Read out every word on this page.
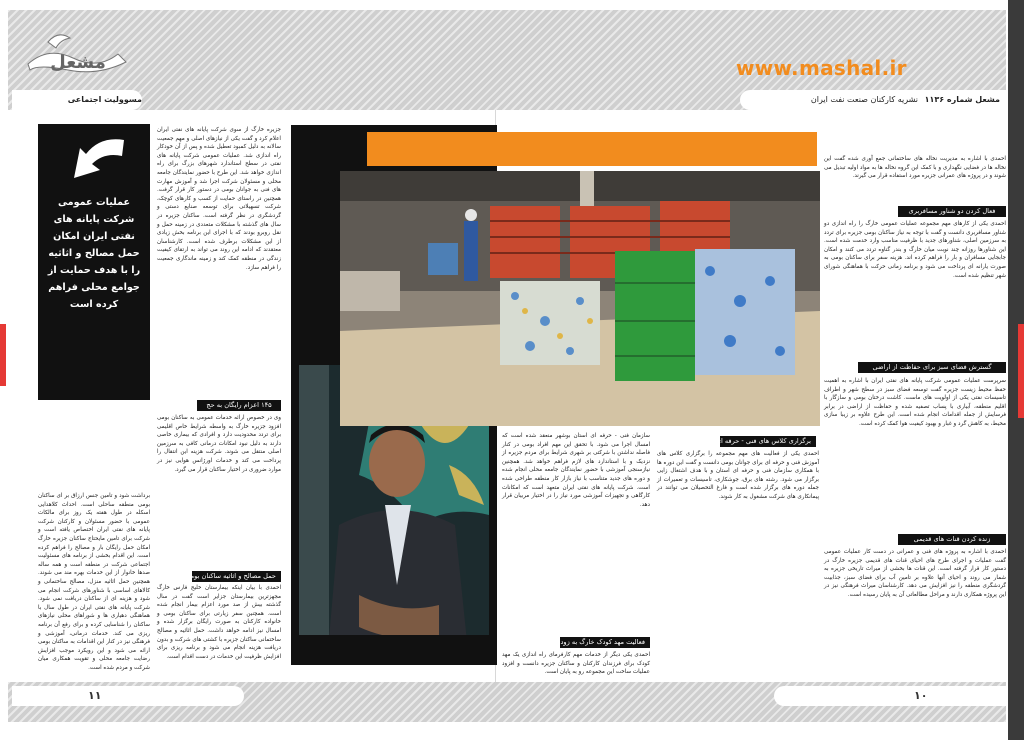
مشعل	www.mashal.ir
مسوولیت اجتماعی	مشعل شماره ۱۱۳۶
نشریه کارکنان صنعت نفت ایران
عملیات عمومی شرکت پایانه های نفتی ایران امکان حمل مصالح و اثاثیه را با هدف حمایت از جوامع محلی فراهم کرده است
برداشت شود و تامین جنس ارزاق بر ای ساکنان بومی منطقه ساحلی است. احداث کلاهدایی اسکله در طول هفته یک روز برای مالکات عمومی با حضور مسئولان و کارکنان شرکت پایانه های نفتی ایران اختصاص یافته است و شرکت برای تامین مایحتاج ساکنان جزیره خارگ امکان حمل رایگان بار و مصالح را فراهم کرده است. این اقدام بخشی از برنامه های مسئولیت اجتماعی شرکت در منطقه است و همه ساله صدها خانوار از این خدمات بهره مند می شوند. همچنین حمل اثاثیه منزل، مصالح ساختمانی و کالاهای اساسی با شناورهای شرکت انجام می شود و هزینه ای از ساکنان دریافت نمی شود. شرکت پایانه های نفتی ایران در طول سال با هماهنگی دهیاری ها و شوراهای محلی نیازهای ساکنان را شناسایی کرده و برای رفع آن برنامه ریزی می کند. خدمات درمانی، آموزشی و فرهنگی نیز در کنار این اقدامات به ساکنان بومی ارائه می شود و این رویکرد موجب افزایش رضایت جامعه محلی و تقویت همکاری میان شرکت و مردم شده است.
جزیره خارگ از سوی شرکت پایانه های نفتی ایران اعلام کرد و گفت یکی از نیازهای اصلی و مهم جمعیت سالانه به دلیل کمبود تعطیل شده و پس از آن خودکار راه اندازی شد. عملیات عمومی شرکت پایانه های نفتی در سطح استاندارد شهرهای بزرگ برای راه اندازی خواهد شد. این طرح با حضور نمایندگان جامعه محلی و مسئولان شرکت اجرا شد و آموزش مهارت های فنی به جوانان بومی در دستور کار قرار گرفت. همچنین در راستای حمایت از کسب و کارهای کوچک، شرکت تسهیلاتی برای توسعه صنایع دستی و گردشگری در نظر گرفته است. ساکنان جزیره در سال های گذشته با مشکلات متعددی در زمینه حمل و نقل روبرو بودند که با اجرای این برنامه بخش زیادی از این مشکلات برطرف شده است. کارشناسان معتقدند که ادامه این روند می تواند به ارتقای کیفیت زندگی در منطقه کمک کند و زمینه ماندگاری جمعیت را فراهم سازد.
۱۴۵ اعزام رایگان به حج
وی در خصوص ارائه خدمات عمومی به ساکنان بومی افزود جزیره خارگ به واسطه شرایط خاص اقلیمی برای تردد محدودیت دارد و افرادی که بیماری خاصی دارند به دلیل نبود امکانات درمانی کافی به سرزمین اصلی منتقل می شوند. شرکت هزینه این انتقال را پرداخت می کند و خدمات اورژانس هوایی نیز در موارد ضروری در اختیار ساکنان قرار می گیرد.
حمل مصالح و اثاثیه ساکنان بومی
احمدی با بیان اینکه بیمارستان خلیج فارس خارگ مجهزترین بیمارستان جزایر است گفت در سال گذشته بیش از صد مورد اعزام بیمار انجام شده است. همچنین سفر زیارتی برای ساکنان بومی و خانواده کارکنان به صورت رایگان برگزار شده و امسال نیز ادامه خواهد داشت. حمل اثاثیه و مصالح ساختمانی ساکنان جزیره با کشتی های شرکت و بدون دریافت هزینه انجام می شود و برنامه ریزی برای افزایش ظرفیت این خدمات در دست اقدام است.
برگزاری کلاس های فنی - حرفه ای
احمدی یکی از فعالیت های مهم مجموعه را برگزاری کلاس های آموزش فنی و حرفه ای برای جوانان بومی دانست و گفت این دوره ها با همکاری سازمان فنی و حرفه ای استان و با هدف اشتغال زایی برگزار می شود. رشته های برق، جوشکاری، تاسیسات و تعمیرات از جمله دوره های برگزار شده است و فارغ التحصیلان می توانند در پیمانکاری های شرکت مشغول به کار شوند.
سازمان فنی - حرفه ای استان بوشهر منعقد شده است که امسال اجرا می شود. با تحقق این مهم افراد بومی در کنار فاصله نداشتن با شرکتی بر شهری شرایط برای مردم جزیره از نزدیک و با استاندارد های لازم فراهم خواهد شد. همچنین نیازسنجی آموزشی با حضور نمایندگان جامعه محلی انجام شده و دوره های جدید متناسب با نیاز بازار کار منطقه طراحی شده است. شرکت پایانه های نفتی ایران متعهد است که امکانات کارگاهی و تجهیزات آموزشی مورد نیاز را در اختیار مربیان قرار دهد.
فعالیت مهد کودک خارگ به زودی
احمدی یکی دیگر از خدمات مهم کارفرمای راه اندازی یک مهد کودک برای فرزندان کارکنان و ساکنان جزیره دانست و افزود عملیات ساخت این مجموعه رو به پایان است.
احمدی با اشاره به مدیریت نخاله های ساختمانی جمع آوری شده گفت این نخاله ها در فضایی نگهداری و با کمک این گروه نخاله ها به مواد اولیه تبدیل می شوند و در پروژه های عمرانی جزیره مورد استفاده قرار می گیرند.
فعال کردن دو شناور مسافربری
احمدی یکی از کارهای مهم مجموعه عملیات عمومی خارگ را راه اندازی دو شناور مسافربری دانست و گفت با توجه به نیاز ساکنان بومی جزیره برای تردد به سرزمین اصلی، شناورهای جدید با ظرفیت مناسب وارد خدمت شده است. این شناورها روزانه چند نوبت میان خارگ و بندر گناوه تردد می کنند و امکان جابجایی مسافران و بار را فراهم کرده اند. هزینه سفر برای ساکنان بومی به صورت یارانه ای پرداخت می شود و برنامه زمانی حرکت با هماهنگی شورای شهر تنظیم شده است.
گسترش فضای سبز برای حفاظت از اراضی
سرپرست عملیات عمومی شرکت پایانه های نفتی ایران با اشاره به اهمیت حفظ محیط زیست جزیره گفت توسعه فضای سبز در سطح شهر و اطراف تاسیسات نفتی یکی از اولویت های ماست. کاشت درختان بومی و سازگار با اقلیم منطقه، آبیاری با پساب تصفیه شده و حفاظت از اراضی در برابر فرسایش از جمله اقدامات انجام شده است. این طرح علاوه بر زیبا سازی محیط، به کاهش گرد و غبار و بهبود کیفیت هوا کمک کرده است.
زنده کردن قنات های قدیمی
احمدی با اشاره به پروژه های فنی و عمرانی در دست کار عملیات عمومی گفت عملیات و اجرای طرح های احیای قنات های قدیمی جزیره خارگ در دستور کار قرار گرفته است. این قنات ها بخشی از میراث تاریخی جزیره به شمار می روند و احیای آنها علاوه بر تامین آب برای فضای سبز، جذابیت گردشگری منطقه را نیز افزایش می دهد. کارشناسان میراث فرهنگی نیز در این پروژه همکاری دارند و مراحل مطالعاتی آن به پایان رسیده است.
۱۱	۱۰
